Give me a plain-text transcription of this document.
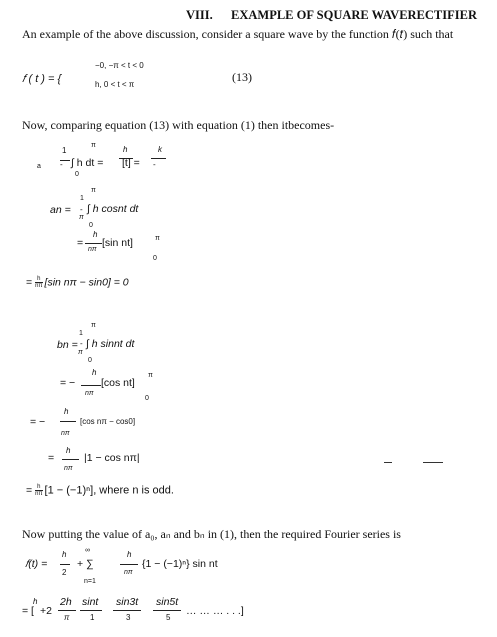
VIII. EXAMPLE OF SQUARE WAVERECTIFIER
An example of the above discussion, consider a square wave by the function 𝑓(𝑡) such that
−0, −π < t < 0
𝑓 ( t ) = {	h, 0 < t < π
(13)
Now, comparing equation (13) with equation (1) then itbecomes-
1
π	h	k
a - ∫ h dt = [t] = -
0
π
1
an = - ∫ h cosnt dt
π
0
h	π
= [sin nt]
nπ
0
= $\frac{h}{n\pi} [\sin$ nπ − sin0] = 0
π
1
bn = - ∫ h sinnt dt
π
0
h	π
= − [cos nt]
nπ
0
h
= −	[cos nπ − cos0]
nπ
h
=	|1 − cos nπ|
nπ
= $\frac{h}{n\pi} [1 - (-1)^n]$, where n is odd.
Now putting the value of a₀, aₙ and bₙ in (1), then the required Fourier series is
∞
h	h
𝑓(t) =	+ ∑	{1 − (−1)ⁿ} sin nt
2	nπ
n=1
h 2h sint sin3t sin5t
= [ +2	… … … . . .]
π	1	3	5
